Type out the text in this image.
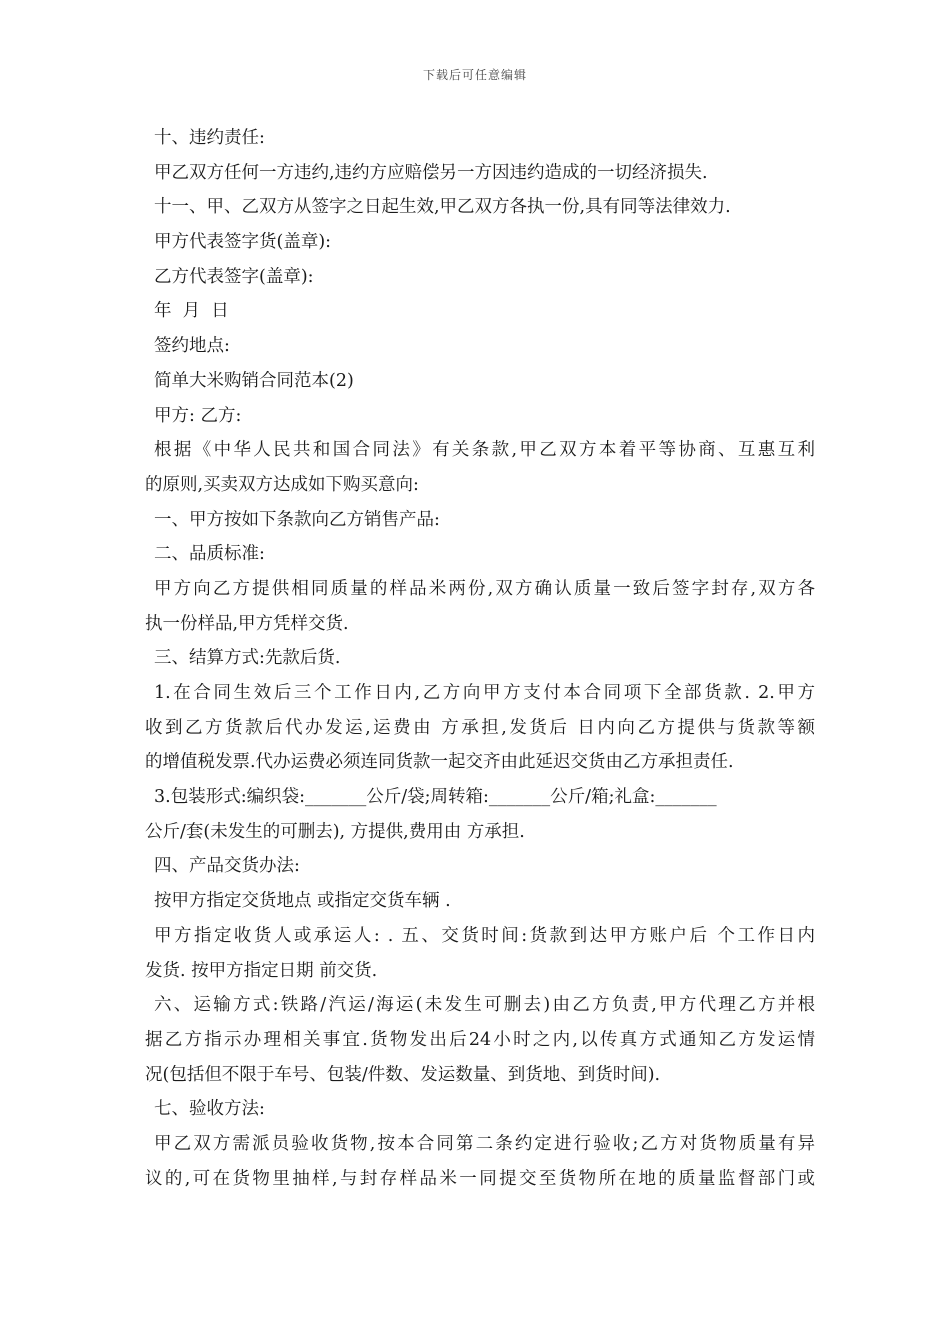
下载后可任意编辑
十、违约责任:
甲乙双方任何一方违约,违约方应赔偿另一方因违约造成的一切经济损失.
十一、甲、乙双方从签字之日起生效,甲乙双方各执一份,具有同等法律效力.
甲方代表签字货(盖章):
乙方代表签字(盖章):
年  月  日
签约地点:
简单大米购销合同范本(2)
甲方: 乙方:
根据《中华人民共和国合同法》有关条款,甲乙双方本着平等协商、互惠互利
的原则,买卖双方达成如下购买意向:
一、甲方按如下条款向乙方销售产品:
二、品质标准:
甲方向乙方提供相同质量的样品米两份,双方确认质量一致后签字封存,双方各
执一份样品,甲方凭样交货.
三、结算方式:先款后货.
1.在合同生效后三个工作日内,乙方向甲方支付本合同项下全部货款. 2.甲方
收到乙方货款后代办发运,运费由 方承担,发货后 日内向乙方提供与货款等额
的增值税发票.代办运费必须连同货款一起交齐由此延迟交货由乙方承担责任.
3.包装形式:编织袋:_______公斤/袋;周转箱:_______公斤/箱;礼盒:_______
公斤/套(未发生的可删去), 方提供,费用由 方承担.
四、产品交货办法:
按甲方指定交货地点 或指定交货车辆 .
甲方指定收货人或承运人: . 五、交货时间:货款到达甲方账户后 个工作日内
发货. 按甲方指定日期 前交货.
六、运输方式:铁路/汽运/海运(未发生可删去)由乙方负责,甲方代理乙方并根
据乙方指示办理相关事宜.货物发出后24小时之内,以传真方式通知乙方发运情
况(包括但不限于车号、包装/件数、发运数量、到货地、到货时间).
七、验收方法:
甲乙双方需派员验收货物,按本合同第二条约定进行验收;乙方对货物质量有异
议的,可在货物里抽样,与封存样品米一同提交至货物所在地的质量监督部门或
